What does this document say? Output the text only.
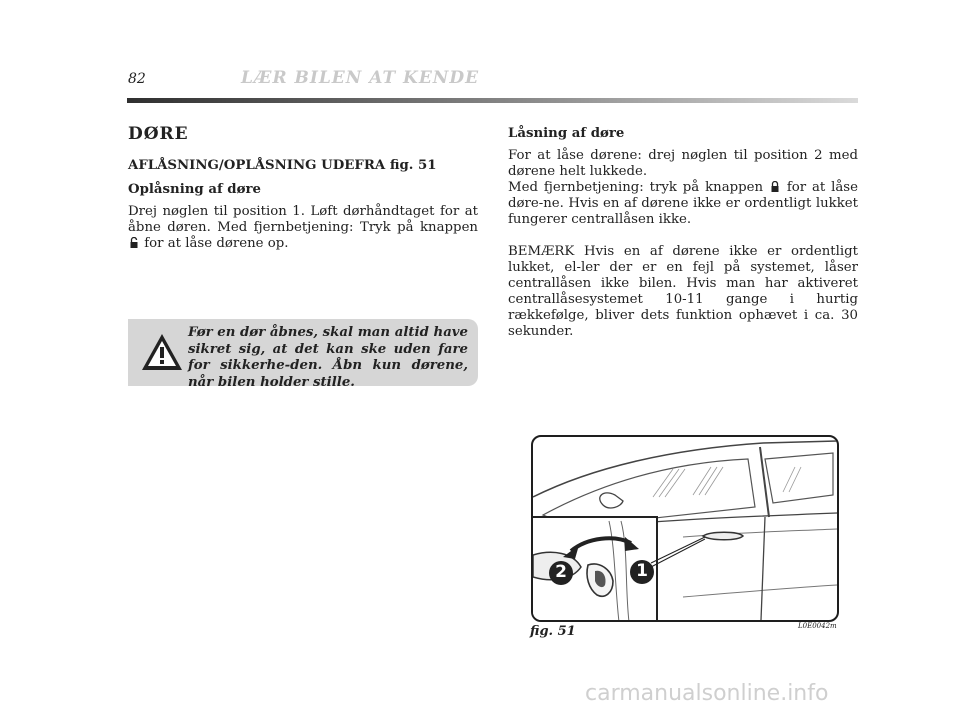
82	LÆR BILEN AT KENDE
DØRE
AFLÅSNING/OPLÅSNING UDEFRA fig. 51
Oplåsning af døre

Drej nøglen til position 1. Løft dørhåndtaget for at åbne døren. Med fjernbetjening: Tryk på knappen  for at låse dørene op.

Før en dør åbnes, skal man altid have sikret sig, at det kan ske uden fare for sikkerhe-den. Åbn kun dørene, når bilen holder stille.
Låsning af døre

For at låse dørene: drej nøglen til position 2 med dørene helt lukkede.

Med fjernbetjening: tryk på knappen for at låse døre-ne. Hvis en af dørene ikke er ordentligt lukket fungerer centrallåsen ikke.

BEMÆRK Hvis en af dørene ikke er ordentligt lukket, el-ler der er en fejl på systemet, låser centrallåsen ikke bilen. Hvis man har aktiveret centrallåsesystemet 10-11 gange i hurtig rækkefølge, bliver dets funktion ophævet i ca. 30 sekunder.

1
2
fig. 51	L0E0042m
carmanualsonline.info
